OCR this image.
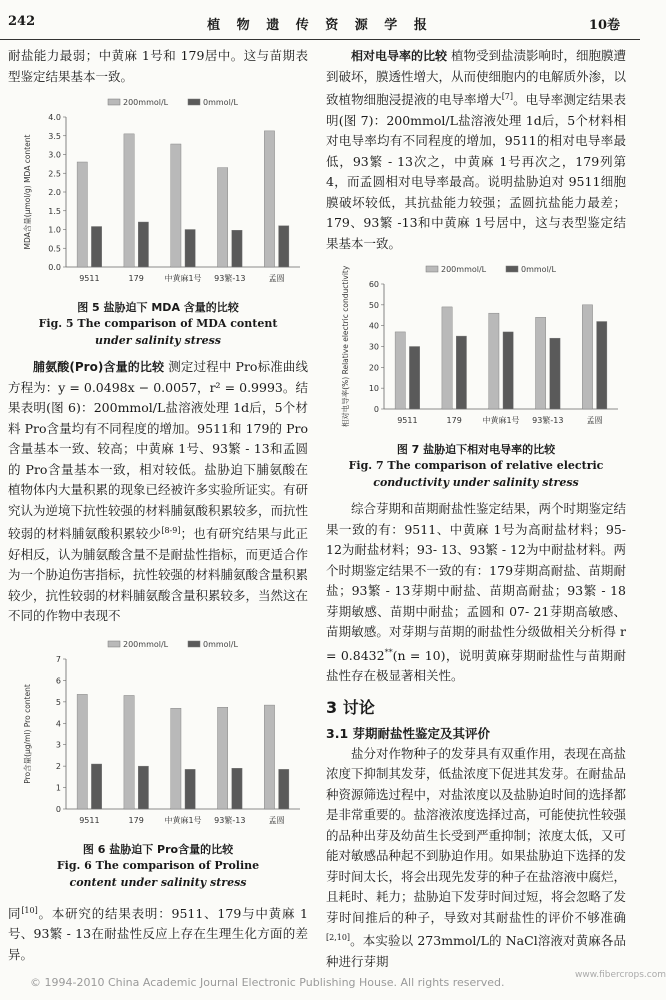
242	植 物 遗 传 资 源 学 报	10卷

耐盐能力最弱；中黄麻 1号和 179居中。这与苗期表型鉴定结果基本一致。

200mmol/L	0mmol/L
0.0
0.5
1.0
1.5
2.0
2.5
3.0
3.5
4.0
MDA含量(μmol/g) MDA content
9511	179	中黄麻1号 93繁-13	孟圆
图 5 盐胁迫下 MDA 含量的比较
Fig. 5 The comparison of MDA content
under salinity stress

脯氨酸(Pro)含量的比较 测定过程中 Pro标准曲线方程为：y = 0.0498x − 0.0057，r² = 0.9993。结果表明(图 6)：200mmol/L盐溶液处理 1d后，5个材料 Pro含量均有不同程度的增加。9511和 179的 Pro含量基本一致、较高；中黄麻 1号、93繁 - 13和孟圆的 Pro含量基本一致，相对较低。盐胁迫下脯氨酸在植物体内大量积累的现象已经被许多实验所证实。有研究认为逆境下抗性较强的材料脯氨酸积累较多，而抗性较弱的材料脯氨酸积累较少[8-9]；也有研究结果与此正好相反，认为脯氨酸含量不是耐盐性指标，而更适合作为一个胁迫伤害指标，抗性较强的材料脯氨酸含量积累较少，抗性较弱的材料脯氨酸含量积累较多，当然这在不同的作物中表现不

200mmol/L	0mmol/L
0
1
2
3
4
5
6
7
Pro含量(μg/ml) Pro content
9511	179	中黄麻1号 93繁-13	孟圆
图 6 盐胁迫下 Pro含量的比较
Fig. 6 The comparison of Proline
content under salinity stress

同[10]。本研究的结果表明：9511、179与中黄麻 1号、93繁 - 13在耐盐性反应上存在生理生化方面的差异。

相对电导率的比较 植物受到盐渍影响时，细胞膜遭到破坏，膜透性增大，从而使细胞内的电解质外渗，以致植物细胞浸提液的电导率增大[7]。电导率测定结果表明(图 7)：200mmol/L盐溶液处理 1d后，5个材料相对电导率均有不同程度的增加，9511的相对电导率最低，93繁 - 13次之，中黄麻 1号再次之，179列第 4，而孟圆相对电导率最高。说明盐胁迫对 9511细胞膜破坏较低，其抗盐能力较强；孟圆抗盐能力最差；179、93繁 -13和中黄麻 1号居中，这与表型鉴定结果基本一致。

200mmol/L	0mmol/L
0
10
20
30
40
50
60
相对电导率(%) Relative electric conductivity	9511	179	中黄麻1号 93繁-13	孟圆
图 7 盐胁迫下相对电导率的比较
Fig. 7 The comparison of relative electric
conductivity under salinity stress

综合芽期和苗期耐盐性鉴定结果，两个时期鉴定结果一致的有：9511、中黄麻 1号为高耐盐材料；95- 12为耐盐材料；93- 13、93繁 - 12为中耐盐材料。两个时期鉴定结果不一致的有：179芽期高耐盐、苗期耐盐；93繁 - 13芽期中耐盐、苗期高耐盐；93繁 - 18芽期敏感、苗期中耐盐；孟圆和 07- 21芽期高敏感、苗期敏感。对芽期与苗期的耐盐性分级做相关分析得 r = 0.8432**(n = 10)，说明黄麻芽期耐盐性与苗期耐盐性存在极显著相关性。

3 讨论
3.1 芽期耐盐性鉴定及其评价

盐分对作物种子的发芽具有双重作用，表现在高盐浓度下抑制其发芽，低盐浓度下促进其发芽。在耐盐品种资源筛选过程中，对盐浓度以及盐胁迫时间的选择都是非常重要的。盐溶液浓度选择过高，可能使抗性较强的品种出芽及幼苗生长受到严重抑制；浓度太低，又可能对敏感品种起不到胁迫作用。如果盐胁迫下选择的发芽时间太长，将会出现先发芽的种子在盐溶液中腐烂，且耗时、耗力；盐胁迫下发芽时间过短，将会忽略了发芽时间推后的种子，导致对其耐盐性的评价不够准确[2,10]。本实验以 273mmol/L的 NaCl溶液对黄麻各品种进行芽期

© 1994-2010 China Academic Journal Electronic Publishing House. All rights reserved.
www.fibercrops.com
